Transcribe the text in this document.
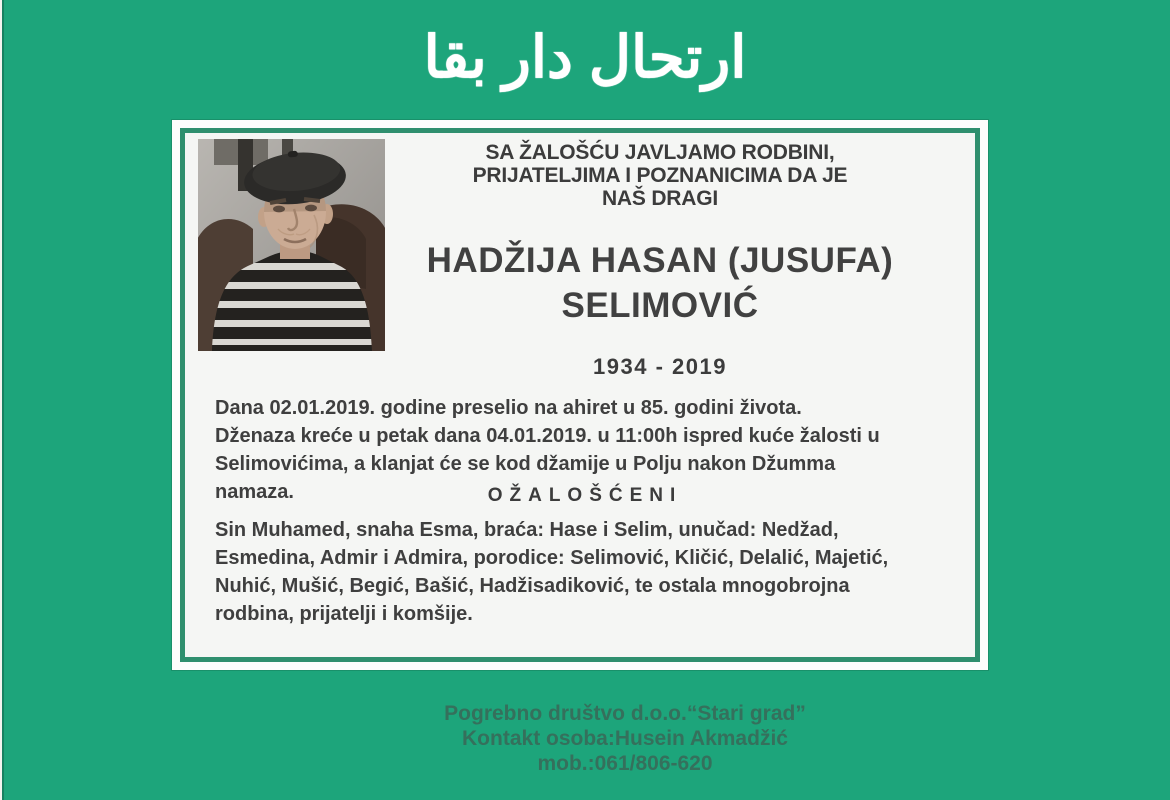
ارتحال دار بقا
SA ŽALOŠĆU JAVLJAMO RODBINI,
PRIJATELJIMA I POZNANICIMA DA JE
NAŠ DRAGI
HADŽIJA HASAN (JUSUFA)
SELIMOVIĆ
1934 - 2019
Dana 02.01.2019. godine preselio na ahiret u 85. godini života.
Dženaza kreće u petak dana 04.01.2019. u 11:00h ispred kuće žalosti u
Selimovićima, a klanjat će se kod džamije u Polju nakon Džumma
namaza.	OŽALOŠĆENI
Sin Muhamed, snaha Esma, braća: Hase i Selim, unučad: Nedžad,
Esmedina, Admir i Admira, porodice: Selimović, Kličić, Delalić, Majetić,
Nuhić, Mušić, Begić, Bašić, Hadžisadiković, te ostala mnogobrojna
rodbina, prijatelji i komšije.
Pogrebno društvo d.o.o.“Stari grad”
Kontakt osoba:Husein Akmadžić
mob.:061/806-620
